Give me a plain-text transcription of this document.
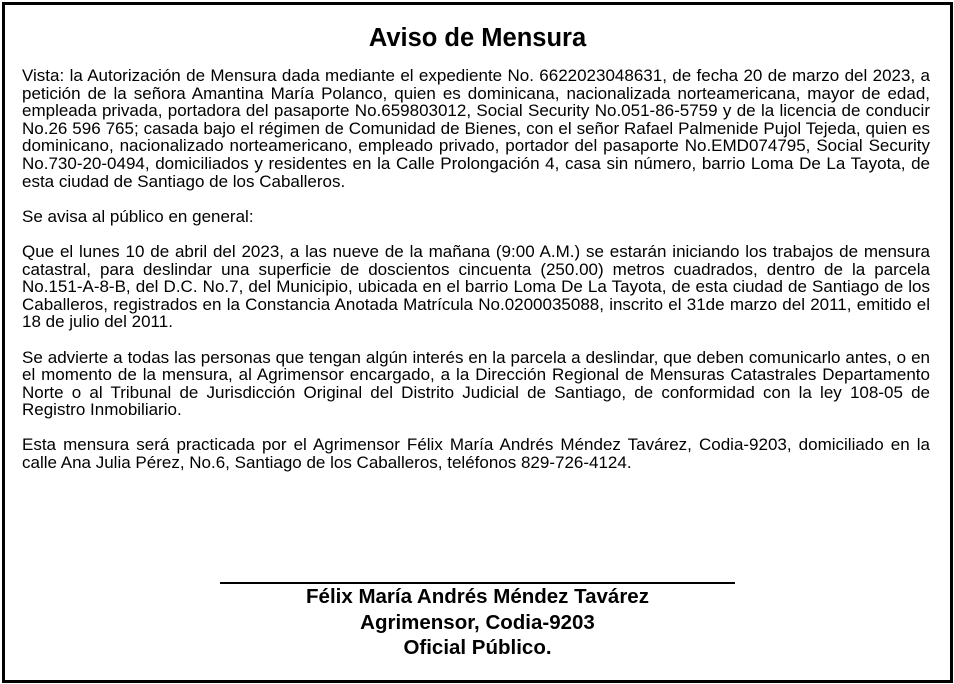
Aviso de Mensura

Vista: la Autorización de Mensura dada mediante el expediente No. 6622023048631, de fecha 20 de marzo del 2023, a petición de la señora Amantina María Polanco, quien es dominicana, nacionalizada norteamericana, mayor de edad, empleada privada, portadora del pasaporte No.659803012, Social Security No.051-86-5759 y de la licencia de conducir No.26 596 765; casada bajo el régimen de Comunidad de Bienes, con el señor Rafael Palmenide Pujol Tejeda, quien es dominicano, nacionalizado norteamericano, empleado privado, portador del pasaporte No.EMD074795, Social Security No.730-20-0494, domiciliados y residentes en la Calle Prolongación 4, casa sin número, barrio Loma De La Tayota, de esta ciudad de Santiago de los Caballeros.

Se avisa al público en general:

Que el lunes 10 de abril del 2023, a las nueve de la mañana (9:00 A.M.) se estarán iniciando los trabajos de mensura catastral, para deslindar una superficie de doscientos cincuenta (250.00) metros cuadrados, dentro de la parcela No.151-A-8-B, del D.C. No.7, del Municipio, ubicada en el barrio Loma De La Tayota, de esta ciudad de Santiago de los Caballeros, registrados en la Constancia Anotada Matrícula No.0200035088, inscrito el 31de marzo del 2011, emitido el 18 de julio del 2011.

Se advierte a todas las personas que tengan algún interés en la parcela a deslindar, que deben comunicarlo antes, o en el momento de la mensura, al Agrimensor encargado, a la Dirección Regional de Mensuras Catastrales Departamento Norte o al Tribunal de Jurisdicción Original del Distrito Judicial de Santiago, de conformidad con la ley 108-05 de Registro Inmobiliario.

Esta mensura será practicada por el Agrimensor Félix María Andrés Méndez Tavárez, Codia-9203, domiciliado en la calle Ana Julia Pérez, No.6, Santiago de los Caballeros, teléfonos 829-726-4124.

Félix María Andrés Méndez Tavárez
Agrimensor, Codia-9203
Oficial Público.
